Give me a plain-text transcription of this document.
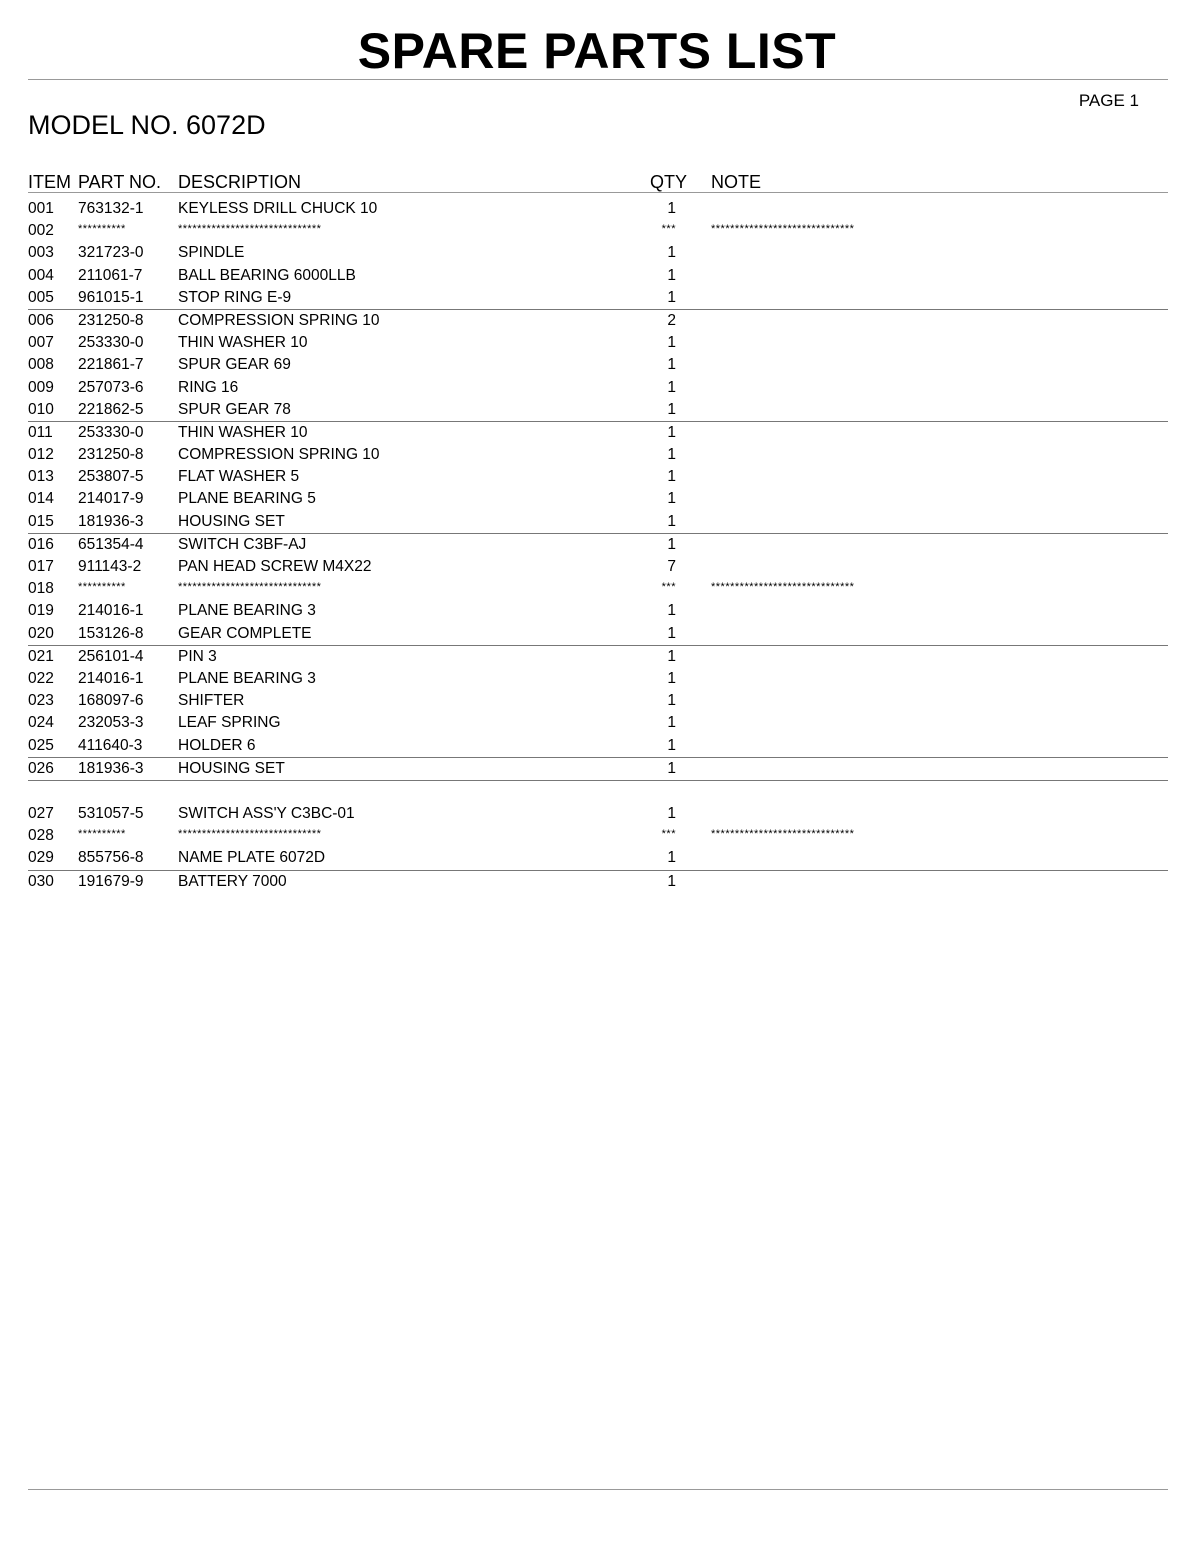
SPARE PARTS LIST
PAGE 1
MODEL NO. 6072D
ITEM PART NO. DESCRIPTION	QTY NOTE
001 763132-1 KEYLESS DRILL CHUCK 10	1
002 **********	******************************	***	******************************
003 321723-0 SPINDLE	1
004 211061-7 BALL BEARING 6000LLB	1
005 961015-1 STOP RING E-9	1
006 231250-8 COMPRESSION SPRING 10	2
007 253330-0 THIN WASHER 10	1
008 221861-7 SPUR GEAR 69	1
009 257073-6 RING 16	1
010 221862-5 SPUR GEAR 78	1
011 253330-0 THIN WASHER 10	1
012 231250-8 COMPRESSION SPRING 10	1
013 253807-5 FLAT WASHER 5	1
014 214017-9 PLANE BEARING 5	1
015 181936-3 HOUSING SET	1
016 651354-4 SWITCH C3BF-AJ	1
017 911143-2 PAN HEAD SCREW M4X22	7
018 **********	******************************	***	******************************
019 214016-1 PLANE BEARING 3	1
020 153126-8 GEAR COMPLETE	1
021 256101-4 PIN 3	1
022 214016-1 PLANE BEARING 3	1
023 168097-6 SHIFTER	1
024 232053-3 LEAF SPRING	1
025 411640-3 HOLDER 6	1
026 181936-3 HOUSING SET	1
027 531057-5 SWITCH ASS'Y C3BC-01	1
028 **********	******************************	***	******************************
029 855756-8 NAME PLATE 6072D	1
030 191679-9 BATTERY 7000	1
